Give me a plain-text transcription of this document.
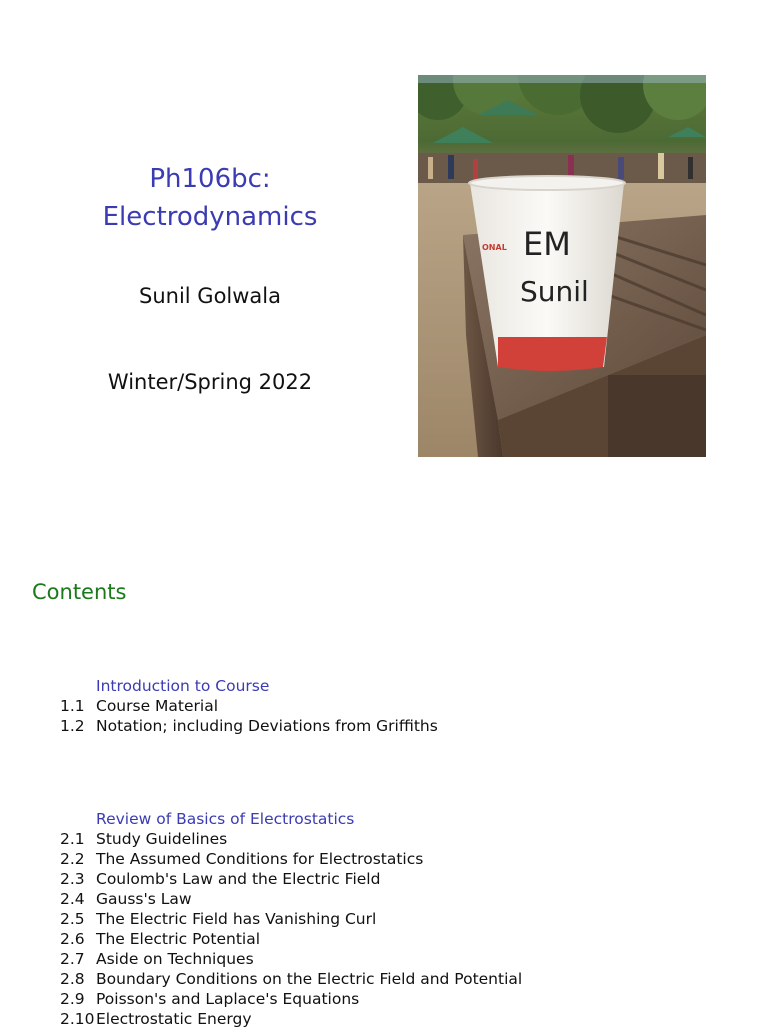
Ph106bc:
Electrodynamics
Sunil Golwala
Winter/Spring 2022
ONAL EM
Sunil
Contents
Introduction to Course
1.1 Course Material
1.2 Notation; including Deviations from Griffiths
Review of Basics of Electrostatics
2.1 Study Guidelines
2.2 The Assumed Conditions for Electrostatics
2.3 Coulomb's Law and the Electric Field
2.4 Gauss's Law
2.5 The Electric Field has Vanishing Curl
2.6 The Electric Potential
2.7 Aside on Techniques
2.8 Boundary Conditions on the Electric Field and Potential
2.9 Poisson's and Laplace's Equations
2.10 Electrostatic Energy
